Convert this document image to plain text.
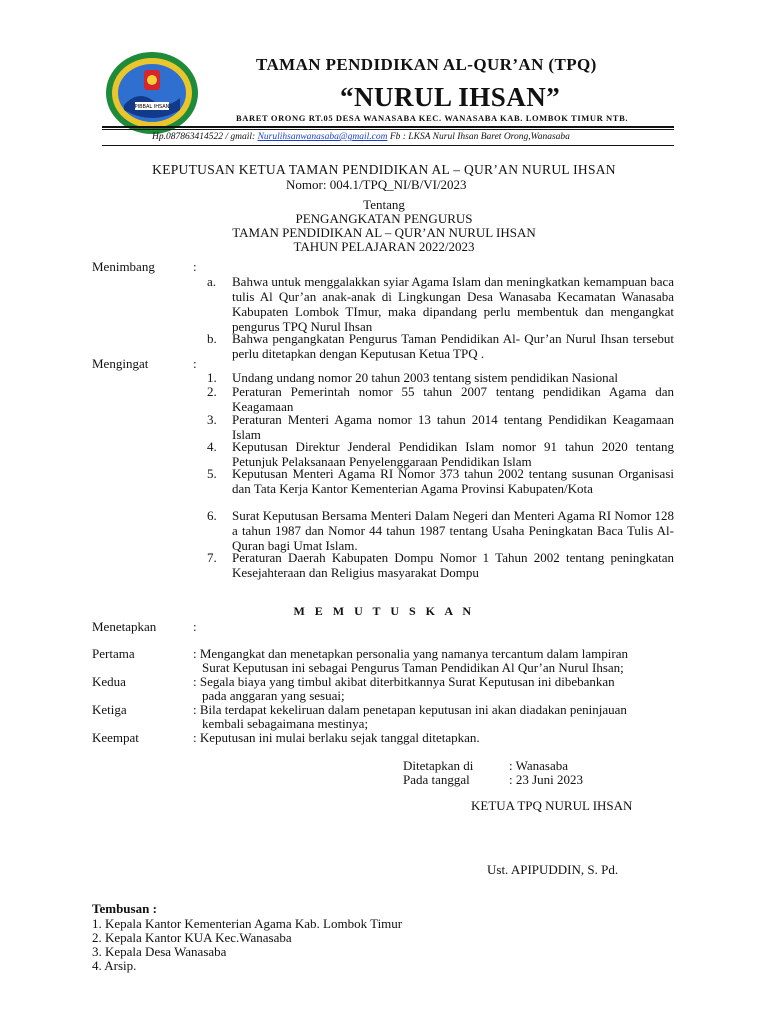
PIBBAL IHSAN
TAMAN PENDIDIKAN AL-QUR’AN (TPQ)
“NURUL IHSAN”
BARET ORONG RT.05 DESA WANASABA KEC. WANASABA KAB. LOMBOK TIMUR NTB.
Hp.087863414522 / gmail: Nurulihsanwanasaba@gmail.com Fb : LKSA Nurul Ihsan Baret Orong,Wanasaba
KEPUTUSAN KETUA TAMAN PENDIDIKAN AL – QUR’AN NURUL IHSAN
Nomor: 004.1/TPQ_NI/B/VI/2023
Tentang
PENGANGKATAN PENGURUS
TAMAN PENDIDIKAN AL – QUR’AN NURUL IHSAN
TAHUN PELAJARAN 2022/2023
Menimbang	:
a. Bahwa untuk menggalakkan syiar Agama Islam dan meningkatkan kemampuan baca tulis Al Qur’an anak-anak di Lingkungan Desa Wanasaba Kecamatan Wanasaba Kabupaten Lombok TImur, maka dipandang perlu membentuk dan mengangkat pengurus TPQ Nurul Ihsan
b. Bahwa pengangkatan Pengurus Taman Pendidikan Al- Qur’an Nurul Ihsan tersebut perlu ditetapkan dengan Keputusan Ketua TPQ .
Mengingat	:
1. Undang undang nomor 20 tahun 2003 tentang sistem pendidikan Nasional
2. Peraturan Pemerintah nomor 55 tahun 2007 tentang pendidikan Agama dan Keagamaan
3. Peraturan Menteri Agama nomor 13 tahun 2014 tentang Pendidikan Keagamaan Islam
4. Keputusan Direktur Jenderal Pendidikan Islam nomor 91 tahun 2020 tentang Petunjuk Pelaksanaan Penyelenggaraan Pendidikan Islam
5. Keputusan Menteri Agama RI Nomor 373 tahun 2002 tentang susunan Organisasi dan Tata Kerja Kantor Kementerian Agama Provinsi Kabupaten/Kota
6. Surat Keputusan Bersama Menteri Dalam Negeri dan Menteri Agama RI Nomor 128 a tahun 1987 dan Nomor 44 tahun 1987 tentang Usaha Peningkatan Baca Tulis Al-Quran bagi Umat Islam.
7. Peraturan Daerah Kabupaten Dompu Nomor 1 Tahun 2002 tentang peningkatan Kesejahteraan dan Religius masyarakat Dompu
M E M U T U S K A N
Menetapkan	:
Pertama	: Mengangkat dan menetapkan personalia yang namanya tercantum dalam lampiran
Surat Keputusan ini sebagai Pengurus Taman Pendidikan Al Qur’an Nurul Ihsan;
Kedua	: Segala biaya yang timbul akibat diterbitkannya Surat Keputusan ini dibebankan
pada anggaran yang sesuai;
Ketiga	: Bila terdapat kekeliruan dalam penetapan keputusan ini akan diadakan peninjauan
kembali sebagaimana mestinya;
Keempat	: Keputusan ini mulai berlaku sejak tanggal ditetapkan.
Ditetapkan di	: Wanasaba
Pada tanggal	: 23 Juni 2023
KETUA TPQ NURUL IHSAN
Ust. APIPUDDIN, S. Pd.
Tembusan :
1. Kepala Kantor Kementerian Agama Kab. Lombok Timur
2. Kepala Kantor KUA Kec.Wanasaba
3. Kepala Desa Wanasaba
4. Arsip.
